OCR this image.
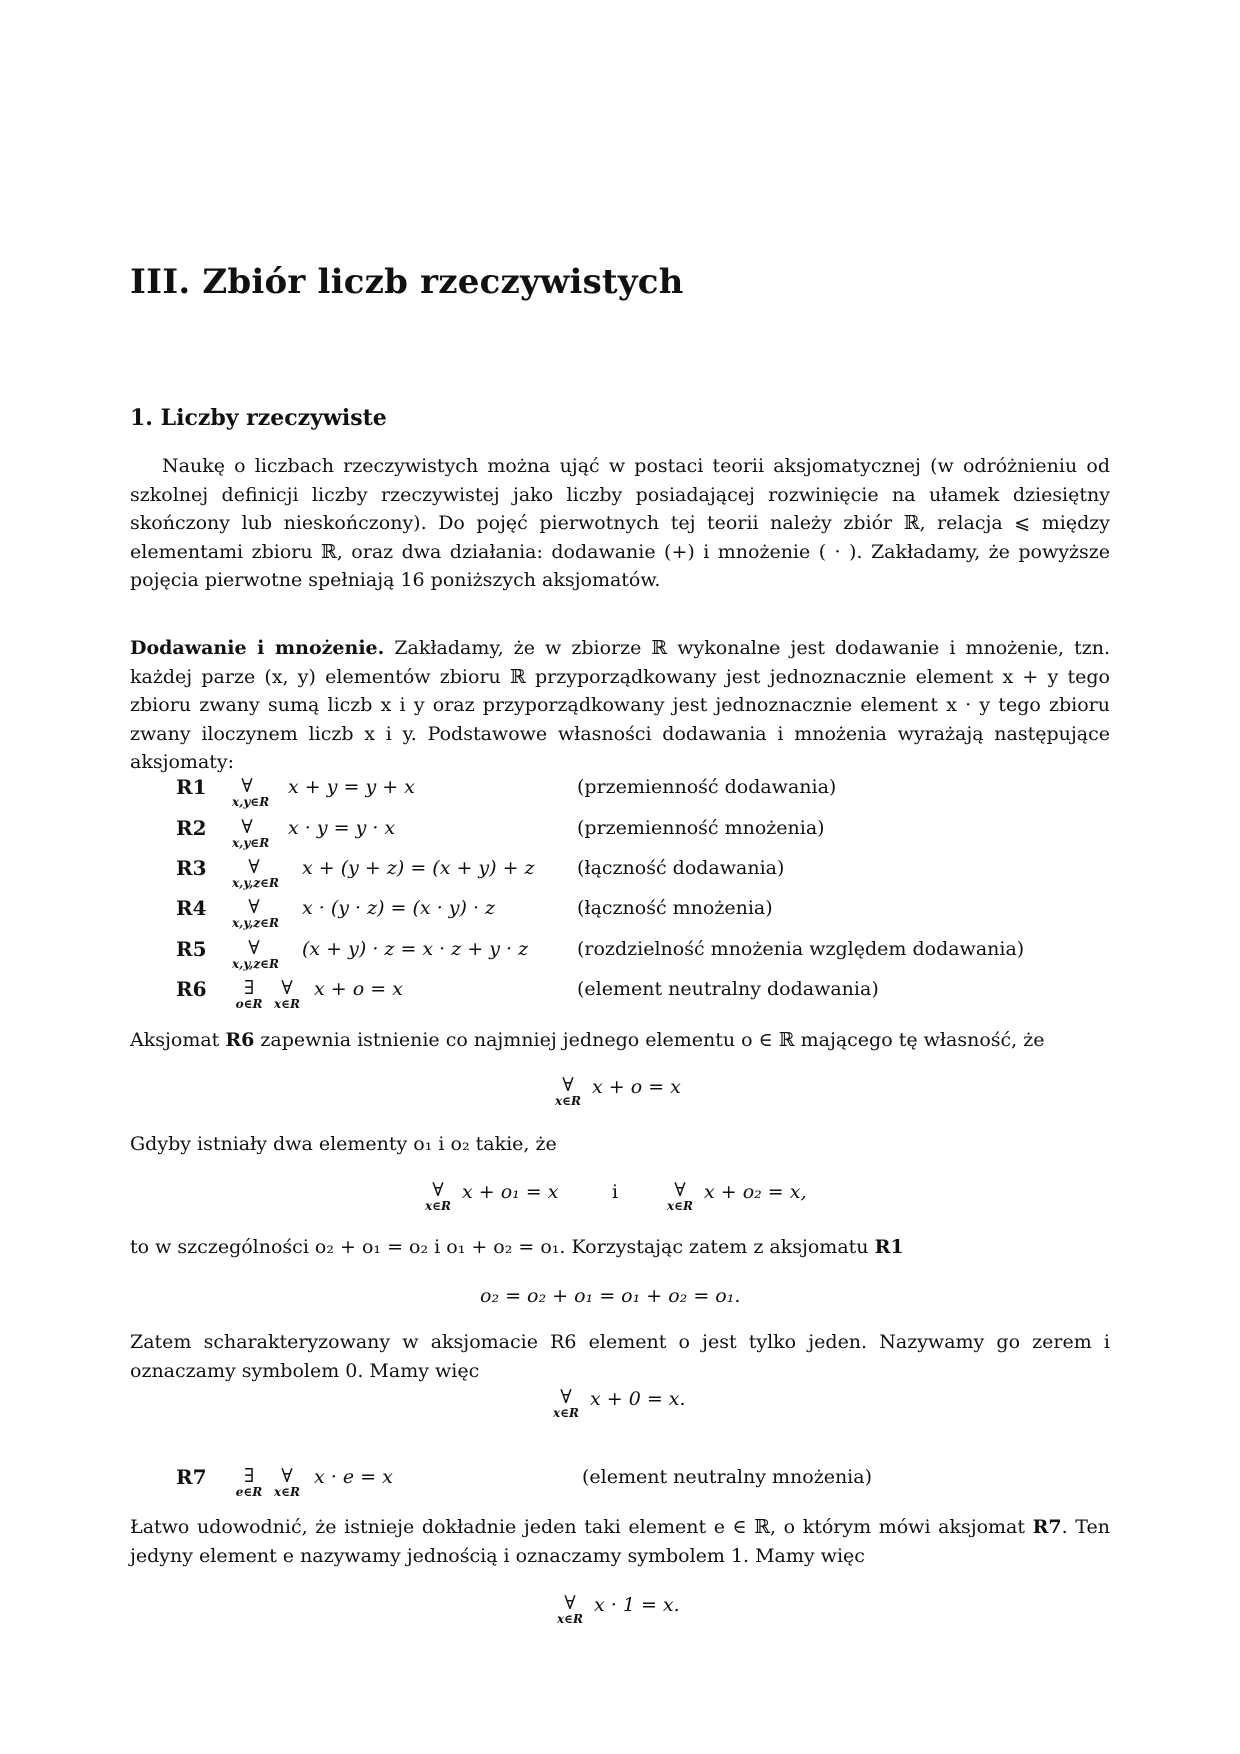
III. Zbiór liczb rzeczywistych
1. Liczby rzeczywiste
Naukę o liczbach rzeczywistych można ująć w postaci teorii aksjomatycznej (w odróżnieniu od szkolnej definicji liczby rzeczywistej jako liczby posiadającej rozwinięcie na ułamek dziesiętny skończony lub nieskończony). Do pojęć pierwotnych tej teorii należy zbiór ℝ, relacja ⩽ między elementami zbioru ℝ, oraz dwa działania: dodawanie (+) i mnożenie ( · ). Zakładamy, że powyższe pojęcia pierwotne spełniają 16 poniższych aksjomatów.
Dodawanie i mnożenie. Zakładamy, że w zbiorze ℝ wykonalne jest dodawanie i mnożenie, tzn. każdej parze (x, y) elementów zbioru ℝ przyporządkowany jest jednoznacznie element x + y tego zbioru zwany sumą liczb x i y oraz przyporządkowany jest jednoznacznie element x · y tego zbioru zwany iloczynem liczb x i y. Podstawowe własności dodawania i mnożenia wyrażają następujące aksjomaty:
R1	∀
x,y∈R
x + y = y + x	(przemienność dodawania)
R2	∀
x,y∈R
x · y = y · x	(przemienność mnożenia)
R3	∀
x,y,z∈R
x + (y + z) = (x + y) + z (łączność dodawania)
R4	∀
x,y,z∈R
x · (y · z) = (x · y) · z	(łączność mnożenia)
R5	∀
x,y,z∈R
(x + y) · z = x · z + y · z	(rozdzielność mnożenia względem dodawania)
R6	∃
o∈R
∀
x∈R
x + o = x	(element neutralny dodawania)
Aksjomat R6 zapewnia istnienie co najmniej jednego elementu o ∈ ℝ mającego tę własność, że
∀
x∈R
x + o = x
Gdyby istniały dwa elementy o₁ i o₂ takie, że
∀
x∈R
x + o₁ = x	i	∀
x∈R
x + o₂ = x,
to w szczególności o₂ + o₁ = o₂ i o₁ + o₂ = o₁. Korzystając zatem z aksjomatu R1
o₂ = o₂ + o₁ = o₁ + o₂ = o₁.
Zatem scharakteryzowany w aksjomacie R6 element o jest tylko jeden. Nazywamy go zerem i oznaczamy symbolem 0. Mamy więc
∀
x∈R
x + 0 = x.
R7	∃
e∈R
∀
x∈R
x · e = x	(element neutralny mnożenia)
Łatwo udowodnić, że istnieje dokładnie jeden taki element e ∈ ℝ, o którym mówi aksjomat R7. Ten jedyny element e nazywamy jednością i oznaczamy symbolem 1. Mamy więc
∀
x∈R
x · 1 = x.
